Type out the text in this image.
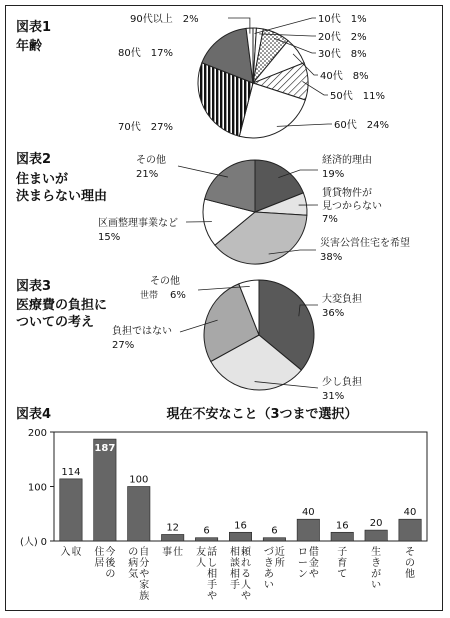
図表1
年齢
10代 1%
20代 2%
30代 8%
40代 8%
50代 11%
60代 24%
70代 27%
80代 17%
90代以上 2%
図表2
住まいが
決まらない理由
経済的理由
19%
賃貸物件が
見つからない
7%
災害公営住宅を希望
38%
区画整理事業など
15%
その他
21%
図表3
医療費の負担に
ついての考え
大変負担
36%
少し負担
31%
負担ではない
27%
その他
世帯 6%
図表4	現在不安なこと（3つまで選択）
0
100
200
(人)
114
収
入
187
今
後
の
住
居
100
自
分
や
家
族
の
病
気
12
仕
事
6
話
し
相
手
や
友
人
16
頼
れ
る
人
や
相
談
相
手
6
近
所
づ
き
あ
い
40
借
金
や
ロ
ー
ン
16
子
育
て
20
生
き
が
い
40
そ
の
他
